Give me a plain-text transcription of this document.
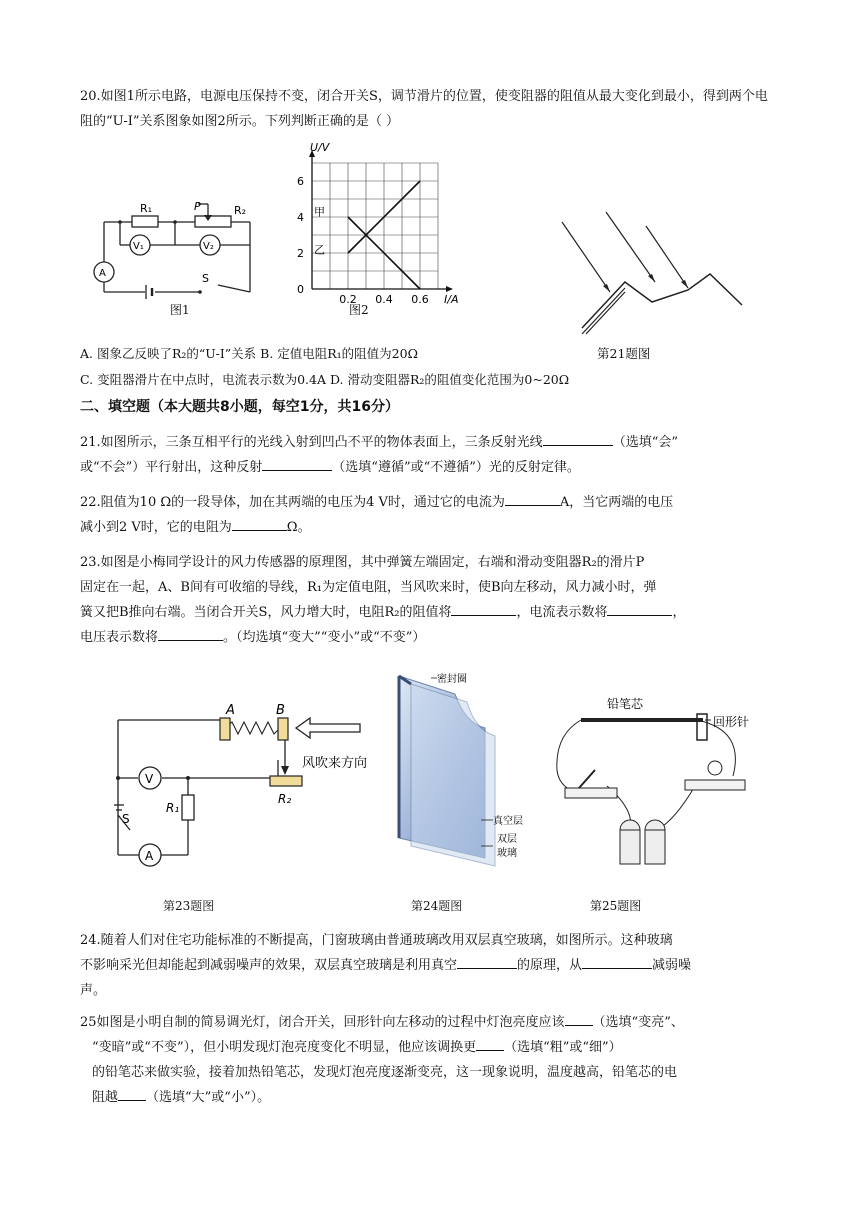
20.如图1所示电路，电源电压保持不变，闭合开关S，调节滑片的位置，使变阻器的阻值从最大变化到最小，得到两个电阻的“U-I”关系图象如图2所示。下列判断正确的是（ ）
R₁	P	R₂
V₁	V₂
A	S
图1
U/V
I/A
0.2 0.4 0.6
0
2
4
6
甲
乙
图2
A. 图象乙反映了R₂的“U-I”关系 B. 定值电阻R₁的阻值为20Ω	第21题图
C. 变阻器滑片在中点时，电流表示数为0.4A D. 滑动变阻器R₂的阻值变化范围为0~20Ω
二、填空题（本大题共8小题，每空1分，共16分）
21.如图所示，三条互相平行的光线入射到凹凸不平的物体表面上，三条反射光线	（选填“会”
或“不会”）平行射出，这种反射	（选填“遵循”或“不遵循”）光的反射定律。
22.阻值为10 Ω的一段导体，加在其两端的电压为4 V时，通过它的电流为	A，当它两端的电压
减小到2 V时，它的电阻为	Ω。
23.如图是小梅同学设计的风力传感器的原理图，其中弹簧左端固定，右端和滑动变阻器R₂的滑片P
固定在一起，A、B间有可收缩的导线，R₁为定值电阻，当风吹来时，使B向左移动，风力减小时，弹
簧又把B推向右端。当闭合开关S，风力增大时，电阻R₂的阻值将	，电流表示数将	，
电压表示数将	。（均选填“变大”“变小”或“不变”）
A	B
风吹来方向
V
R₁
R₂
S
A
第23题图
密封圈
真空层
双层
玻璃
第24题图
铅笔芯
回形针
第25题图
24.随着人们对住宅功能标准的不断提高，门窗玻璃由普通玻璃改用双层真空玻璃，如图所示。这种玻璃
不影响采光但却能起到减弱噪声的效果，双层真空玻璃是利用真空	的原理，从	减弱噪
声。
25如图是小明自制的简易调光灯，闭合开关，回形针向左移动的过程中灯泡亮度应该 （选填“变亮”、
“变暗”或“不变”），但小明发现灯泡亮度变化不明显，他应该调换更 （选填“粗”或“细”）
的铅笔芯来做实验，接着加热铅笔芯，发现灯泡亮度逐渐变亮，这一现象说明，温度越高，铅笔芯的电
阻越 （选填“大”或“小”）。
